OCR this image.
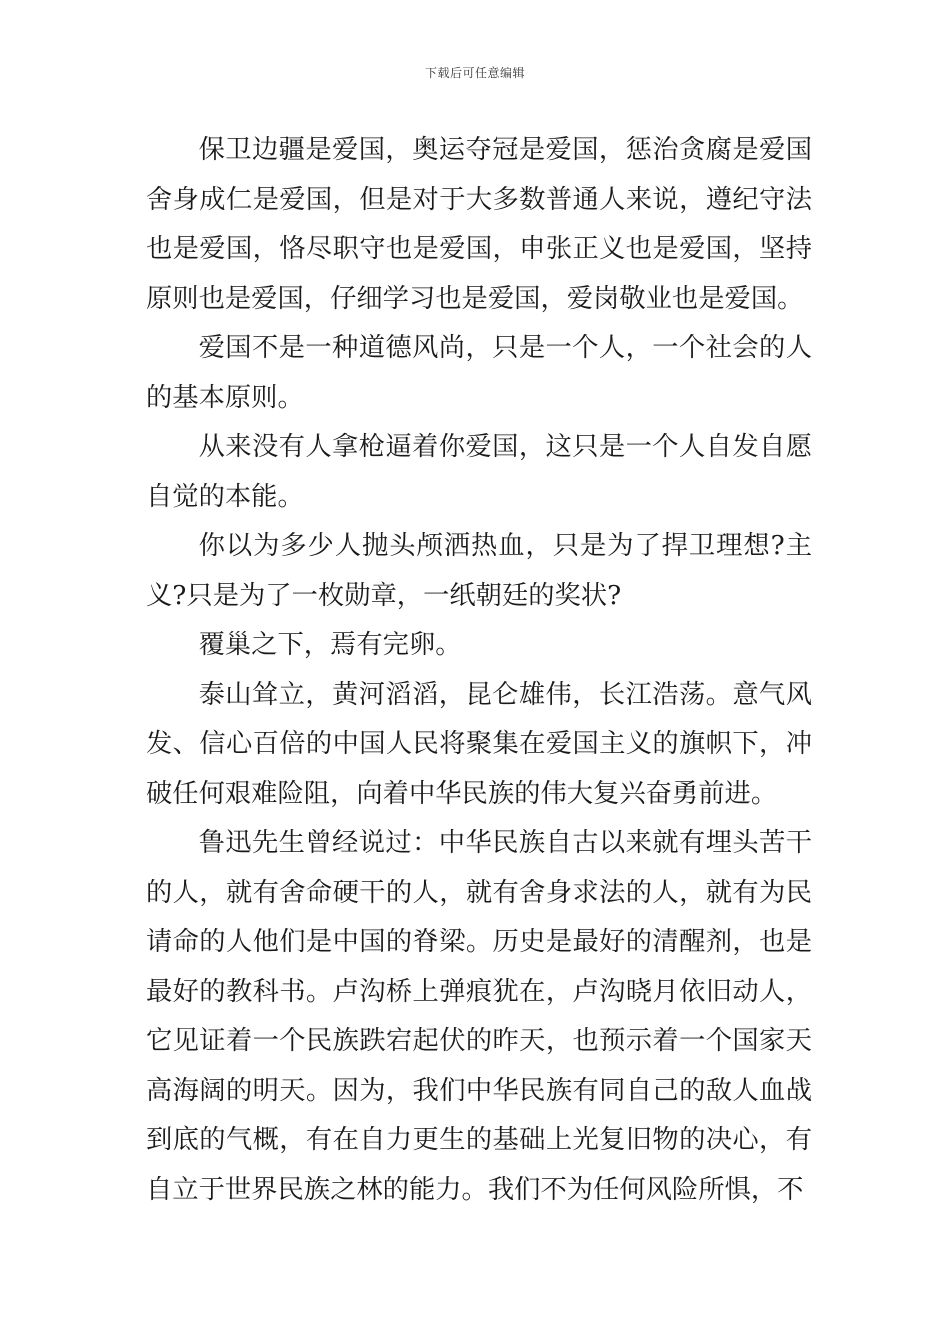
下载后可任意编辑

保卫边疆是爱国，奥运夺冠是爱国，惩治贪腐是爱国舍身成仁是爱国，但是对于大多数普通人来说，遵纪守法也是爱国，恪尽职守也是爱国，申张正义也是爱国，坚持原则也是爱国，仔细学习也是爱国，爱岗敬业也是爱国。

爱国不是一种道德风尚，只是一个人，一个社会的人的基本原则。

从来没有人拿枪逼着你爱国，这只是一个人自发自愿自觉的本能。

你以为多少人抛头颅洒热血，只是为了捍卫理想?主义?只是为了一枚勋章，一纸朝廷的奖状?

覆巢之下，焉有完卵。

泰山耸立，黄河滔滔，昆仑雄伟，长江浩荡。意气风发、信心百倍的中国人民将聚集在爱国主义的旗帜下，冲破任何艰难险阻，向着中华民族的伟大复兴奋勇前进。

鲁迅先生曾经说过：中华民族自古以来就有埋头苦干的人，就有舍命硬干的人，就有舍身求法的人，就有为民请命的人他们是中国的脊梁。历史是最好的清醒剂，也是最好的教科书。卢沟桥上弹痕犹在，卢沟晓月依旧动人，它见证着一个民族跌宕起伏的昨天，也预示着一个国家天高海阔的明天。因为，我们中华民族有同自己的敌人血战到底的气概，有在自力更生的基础上光复旧物的决心，有自立于世界民族之林的能力。我们不为任何风险所惧，不
